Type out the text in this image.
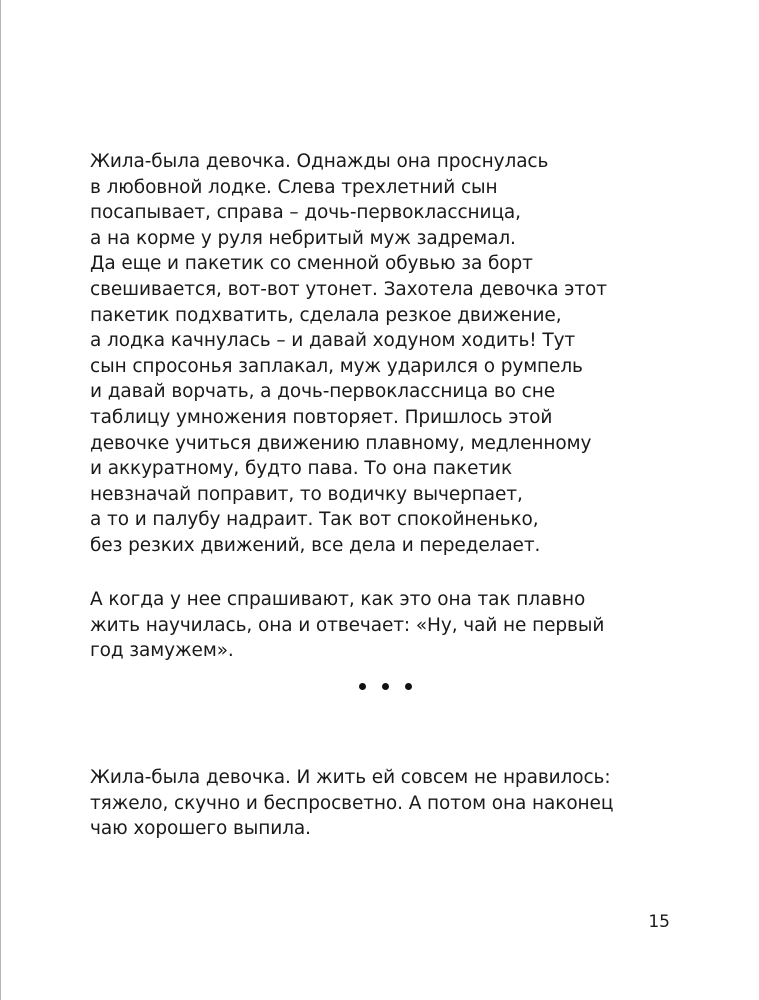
Жила-была девочка. Однажды она проснулась
в любовной лодке. Слева трехлетний сын
посапывает, справа – дочь-первоклассница,
а на корме у руля небритый муж задремал.
Да еще и пакетик со сменной обувью за борт
свешивается, вот-вот утонет. Захотела девочка этот
пакетик подхватить, сделала резкое движение,
а лодка качнулась – и давай ходуном ходить! Тут
сын спросонья заплакал, муж ударился о румпель
и давай ворчать, а дочь-первоклассница во сне
таблицу умножения повторяет. Пришлось этой
девочке учиться движению плавному, медленному
и аккуратному, будто пава. То она пакетик
невзначай поправит, то водичку вычерпает,
а то и палубу надраит. Так вот спокойненько,
без резких движений, все дела и переделает.
А когда у нее спрашивают, как это она так плавно
жить научилась, она и отвечает: «Ну, чай не первый
год замужем».
Жила-была девочка. И жить ей совсем не нравилось:
тяжело, скучно и беспросветно. А потом она наконец
чаю хорошего выпила.
15
